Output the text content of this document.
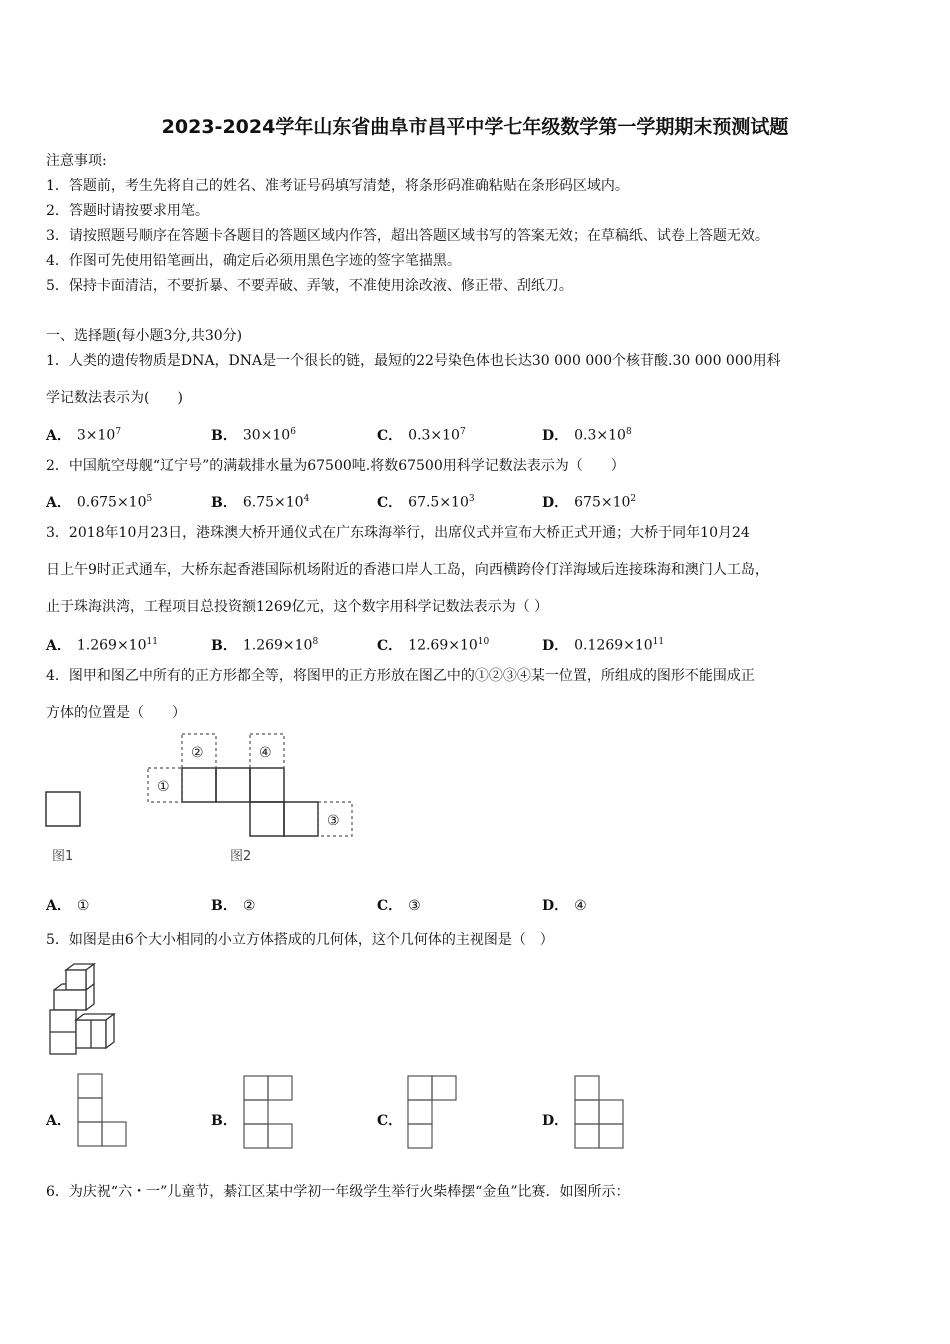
2023-2024学年山东省曲阜市昌平中学七年级数学第一学期期末预测试题
注意事项:
1．答题前，考生先将自己的姓名、准考证号码填写清楚，将条形码准确粘贴在条形码区域内。
2．答题时请按要求用笔。
3．请按照题号顺序在答题卡各题目的答题区域内作答，超出答题区域书写的答案无效；在草稿纸、试卷上答题无效。
4．作图可先使用铅笔画出，确定后必须用黑色字迹的签字笔描黑。
5．保持卡面清洁，不要折暴、不要弄破、弄皱，不准使用涂改液、修正带、刮纸刀。
一、选择题(每小题3分,共30分)
1．人类的遗传物质是DNA，DNA是一个很长的链，最短的22号染色体也长达30 000 000个核苷酸.30 000 000用科
学记数法表示为(　　)
A． $3\times 10^7$	B． $30\times 10^6$	C． $0.3\times 10^7$	D． $0.3\times 10^8$
2．中国航空母舰“辽宁号”的满载排水量为67500吨.将数67500用科学记数法表示为（　　）
A． $0.675\times 10^5$	B． $6.75\times 10^4$	C． $67.5\times 10^3$	D． $675\times 10^2$
3．2018年10月23日，港珠澳大桥开通仪式在广东珠海举行，出席仪式并宣布大桥正式开通；大桥于同年10月24
日上午9时正式通车，大桥东起香港国际机场附近的香港口岸人工岛，向西横跨伶仃洋海域后连接珠海和澳门人工岛，
止于珠海洪湾，工程项目总投资额1269亿元，这个数字用科学记数法表示为（ ）
A． $1.269\times 10^{11}$	B． $1.269\times 10^8$	C． $12.69\times 10^{10}$	D． $0.1269\times 10^{11}$
4．图甲和图乙中所有的正方形都全等，将图甲的正方形放在图乙中的①②③④某一位置，所组成的图形不能围成正
方体的位置是（　　）
图1
①
②
③
④
图2
A． ①	B． ②	C． ③	D． ④
5．如图是由6个大小相同的小立方体搭成的几何体，这个几何体的主视图是（　）
A．	B．	C．	D．
6．为庆祝“六・一”儿童节，綦江区某中学初一年级学生举行火柴棒摆“金鱼”比赛．如图所示：
